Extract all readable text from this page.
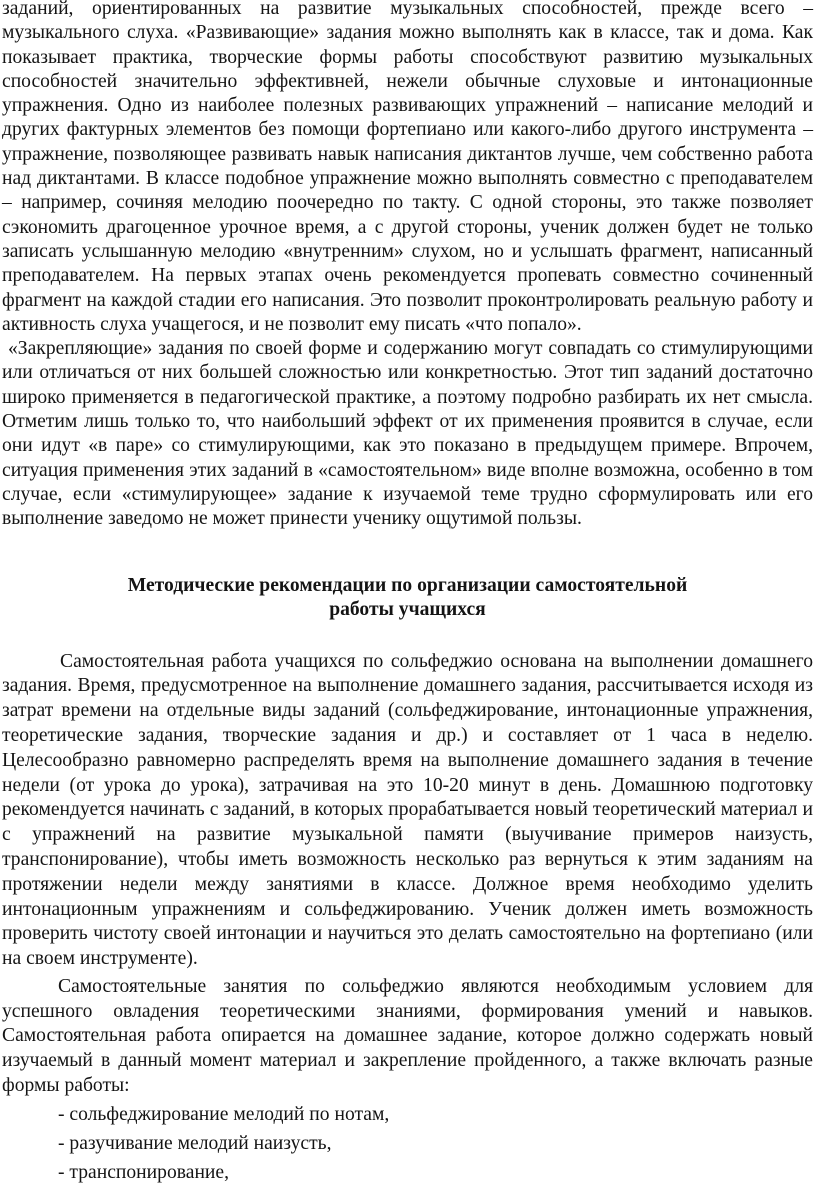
заданий, ориентированных на развитие музыкальных способностей, прежде всего – музыкального слуха. «Развивающие» задания можно выполнять как в классе, так и дома. Как показывает практика, творческие формы работы способствуют развитию музыкальных способностей значительно эффективней, нежели обычные слуховые и интонационные упражнения. Одно из наиболее полезных развивающих упражнений – написание мелодий и других фактурных элементов без помощи фортепиано или какого-либо другого инструмента – упражнение, позволяющее развивать навык написания диктантов лучше, чем собственно работа над диктантами. В классе подобное упражнение можно выполнять совместно с преподавателем – например, сочиняя мелодию поочередно по такту. С одной стороны, это также позволяет сэкономить драгоценное урочное время, а с другой стороны, ученик должен будет не только записать услышанную мелодию «внутренним» слухом, но и услышать фрагмент, написанный преподавателем. На первых этапах очень рекомендуется пропевать совместно сочиненный фрагмент на каждой стадии его написания. Это позволит проконтролировать реальную работу и активность слуха учащегося, и не позволит ему писать «что попало».

«Закрепляющие» задания по своей форме и содержанию могут совпадать со стимулирующими или отличаться от них большей сложностью или конкретностью. Этот тип заданий достаточно широко применяется в педагогической практике, а поэтому подробно разбирать их нет смысла. Отметим лишь только то, что наибольший эффект от их применения проявится в случае, если они идут «в паре» со стимулирующими, как это показано в предыдущем примере. Впрочем, ситуация применения этих заданий в «самостоятельном» виде вполне возможна, особенно в том случае, если «стимулирующее» задание к изучаемой теме трудно сформулировать или его выполнение заведомо не может принести ученику ощутимой пользы.

Методические рекомендации по организации самостоятельной
работы учащихся

Самостоятельная работа учащихся по сольфеджио основана на выполнении домашнего задания. Время, предусмотренное на выполнение домашнего задания, рассчитывается исходя из затрат времени на отдельные виды заданий (сольфеджирование, интонационные упражнения, теоретические задания, творческие задания и др.) и составляет от 1 часа в неделю. Целесообразно равномерно распределять время на выполнение домашнего задания в течение недели (от урока до урока), затрачивая на это 10-20 минут в день. Домашнюю подготовку рекомендуется начинать с заданий, в которых прорабатывается новый теоретический материал и с упражнений на развитие музыкальной памяти (выучивание примеров наизусть, транспонирование), чтобы иметь возможность несколько раз вернуться к этим заданиям на протяжении недели между занятиями в классе. Должное время необходимо уделить интонационным упражнениям и сольфеджированию. Ученик должен иметь возможность проверить чистоту своей интонации и научиться это делать самостоятельно на фортепиано (или на своем инструменте).

Самостоятельные занятия по сольфеджио являются необходимым условием для успешного овладения теоретическими знаниями, формирования умений и навыков. Самостоятельная работа опирается на домашнее задание, которое должно содержать новый изучаемый в данный момент материал и закрепление пройденного, а также включать разные формы работы:

- сольфеджирование мелодий по нотам,
- разучивание мелодий наизусть,
- транспонирование,
